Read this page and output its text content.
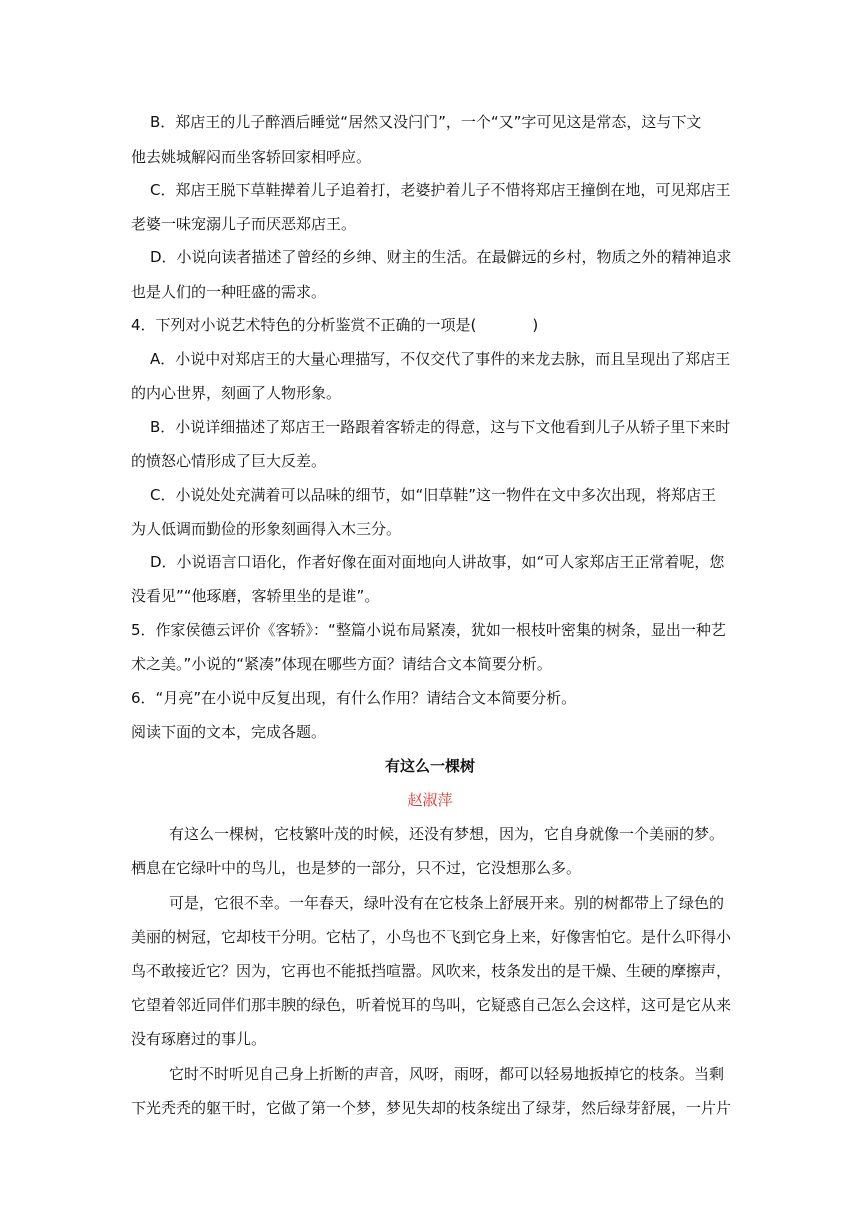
B．郑店王的儿子醉酒后睡觉“居然又没闩门”，一个“又”字可见这是常态，这与下文
他去姚城解闷而坐客轿回家相呼应。
C．郑店王脱下草鞋撵着儿子追着打，老婆护着儿子不惜将郑店王撞倒在地，可见郑店王
老婆一味宠溺儿子而厌恶郑店王。
D．小说向读者描述了曾经的乡绅、财主的生活。在最僻远的乡村，物质之外的精神追求
也是人们的一种旺盛的需求。
4．下列对小说艺术特色的分析鉴赏不正确的一项是(	)
A．小说中对郑店王的大量心理描写，不仅交代了事件的来龙去脉，而且呈现出了郑店王
的内心世界，刻画了人物形象。
B．小说详细描述了郑店王一路跟着客轿走的得意，这与下文他看到儿子从轿子里下来时
的愤怒心情形成了巨大反差。
C．小说处处充满着可以品味的细节，如“旧草鞋”这一物件在文中多次出现，将郑店王
为人低调而勤俭的形象刻画得入木三分。
D．小说语言口语化，作者好像在面对面地向人讲故事，如“可人家郑店王正常着呢，您
没看见”“他琢磨，客轿里坐的是谁”。
5．作家侯德云评价《客轿》：“整篇小说布局紧凑，犹如一根枝叶密集的树条，显出一种艺
术之美。”小说的“紧凑”体现在哪些方面？请结合文本简要分析。
6．“月亮”在小说中反复出现，有什么作用？请结合文本简要分析。
阅读下面的文本，完成各题。
有这么一棵树
赵淑萍
有这么一棵树，它枝繁叶茂的时候，还没有梦想，因为，它自身就像一个美丽的梦。
栖息在它绿叶中的鸟儿，也是梦的一部分，只不过，它没想那么多。
可是，它很不幸。一年春天，绿叶没有在它枝条上舒展开来。别的树都带上了绿色的
美丽的树冠，它却枝干分明。它枯了，小鸟也不飞到它身上来，好像害怕它。是什么吓得小
鸟不敢接近它？因为，它再也不能抵挡喧嚣。风吹来，枝条发出的是干燥、生硬的摩擦声，
它望着邻近同伴们那丰腴的绿色，听着悦耳的鸟叫，它疑惑自己怎么会这样，这可是它从来
没有琢磨过的事儿。
它时不时听见自己身上折断的声音，风呀，雨呀，都可以轻易地扳掉它的枝条。当剩
下光秃秃的躯干时，它做了第一个梦，梦见失却的枝条绽出了绿芽，然后绿芽舒展，一片片
